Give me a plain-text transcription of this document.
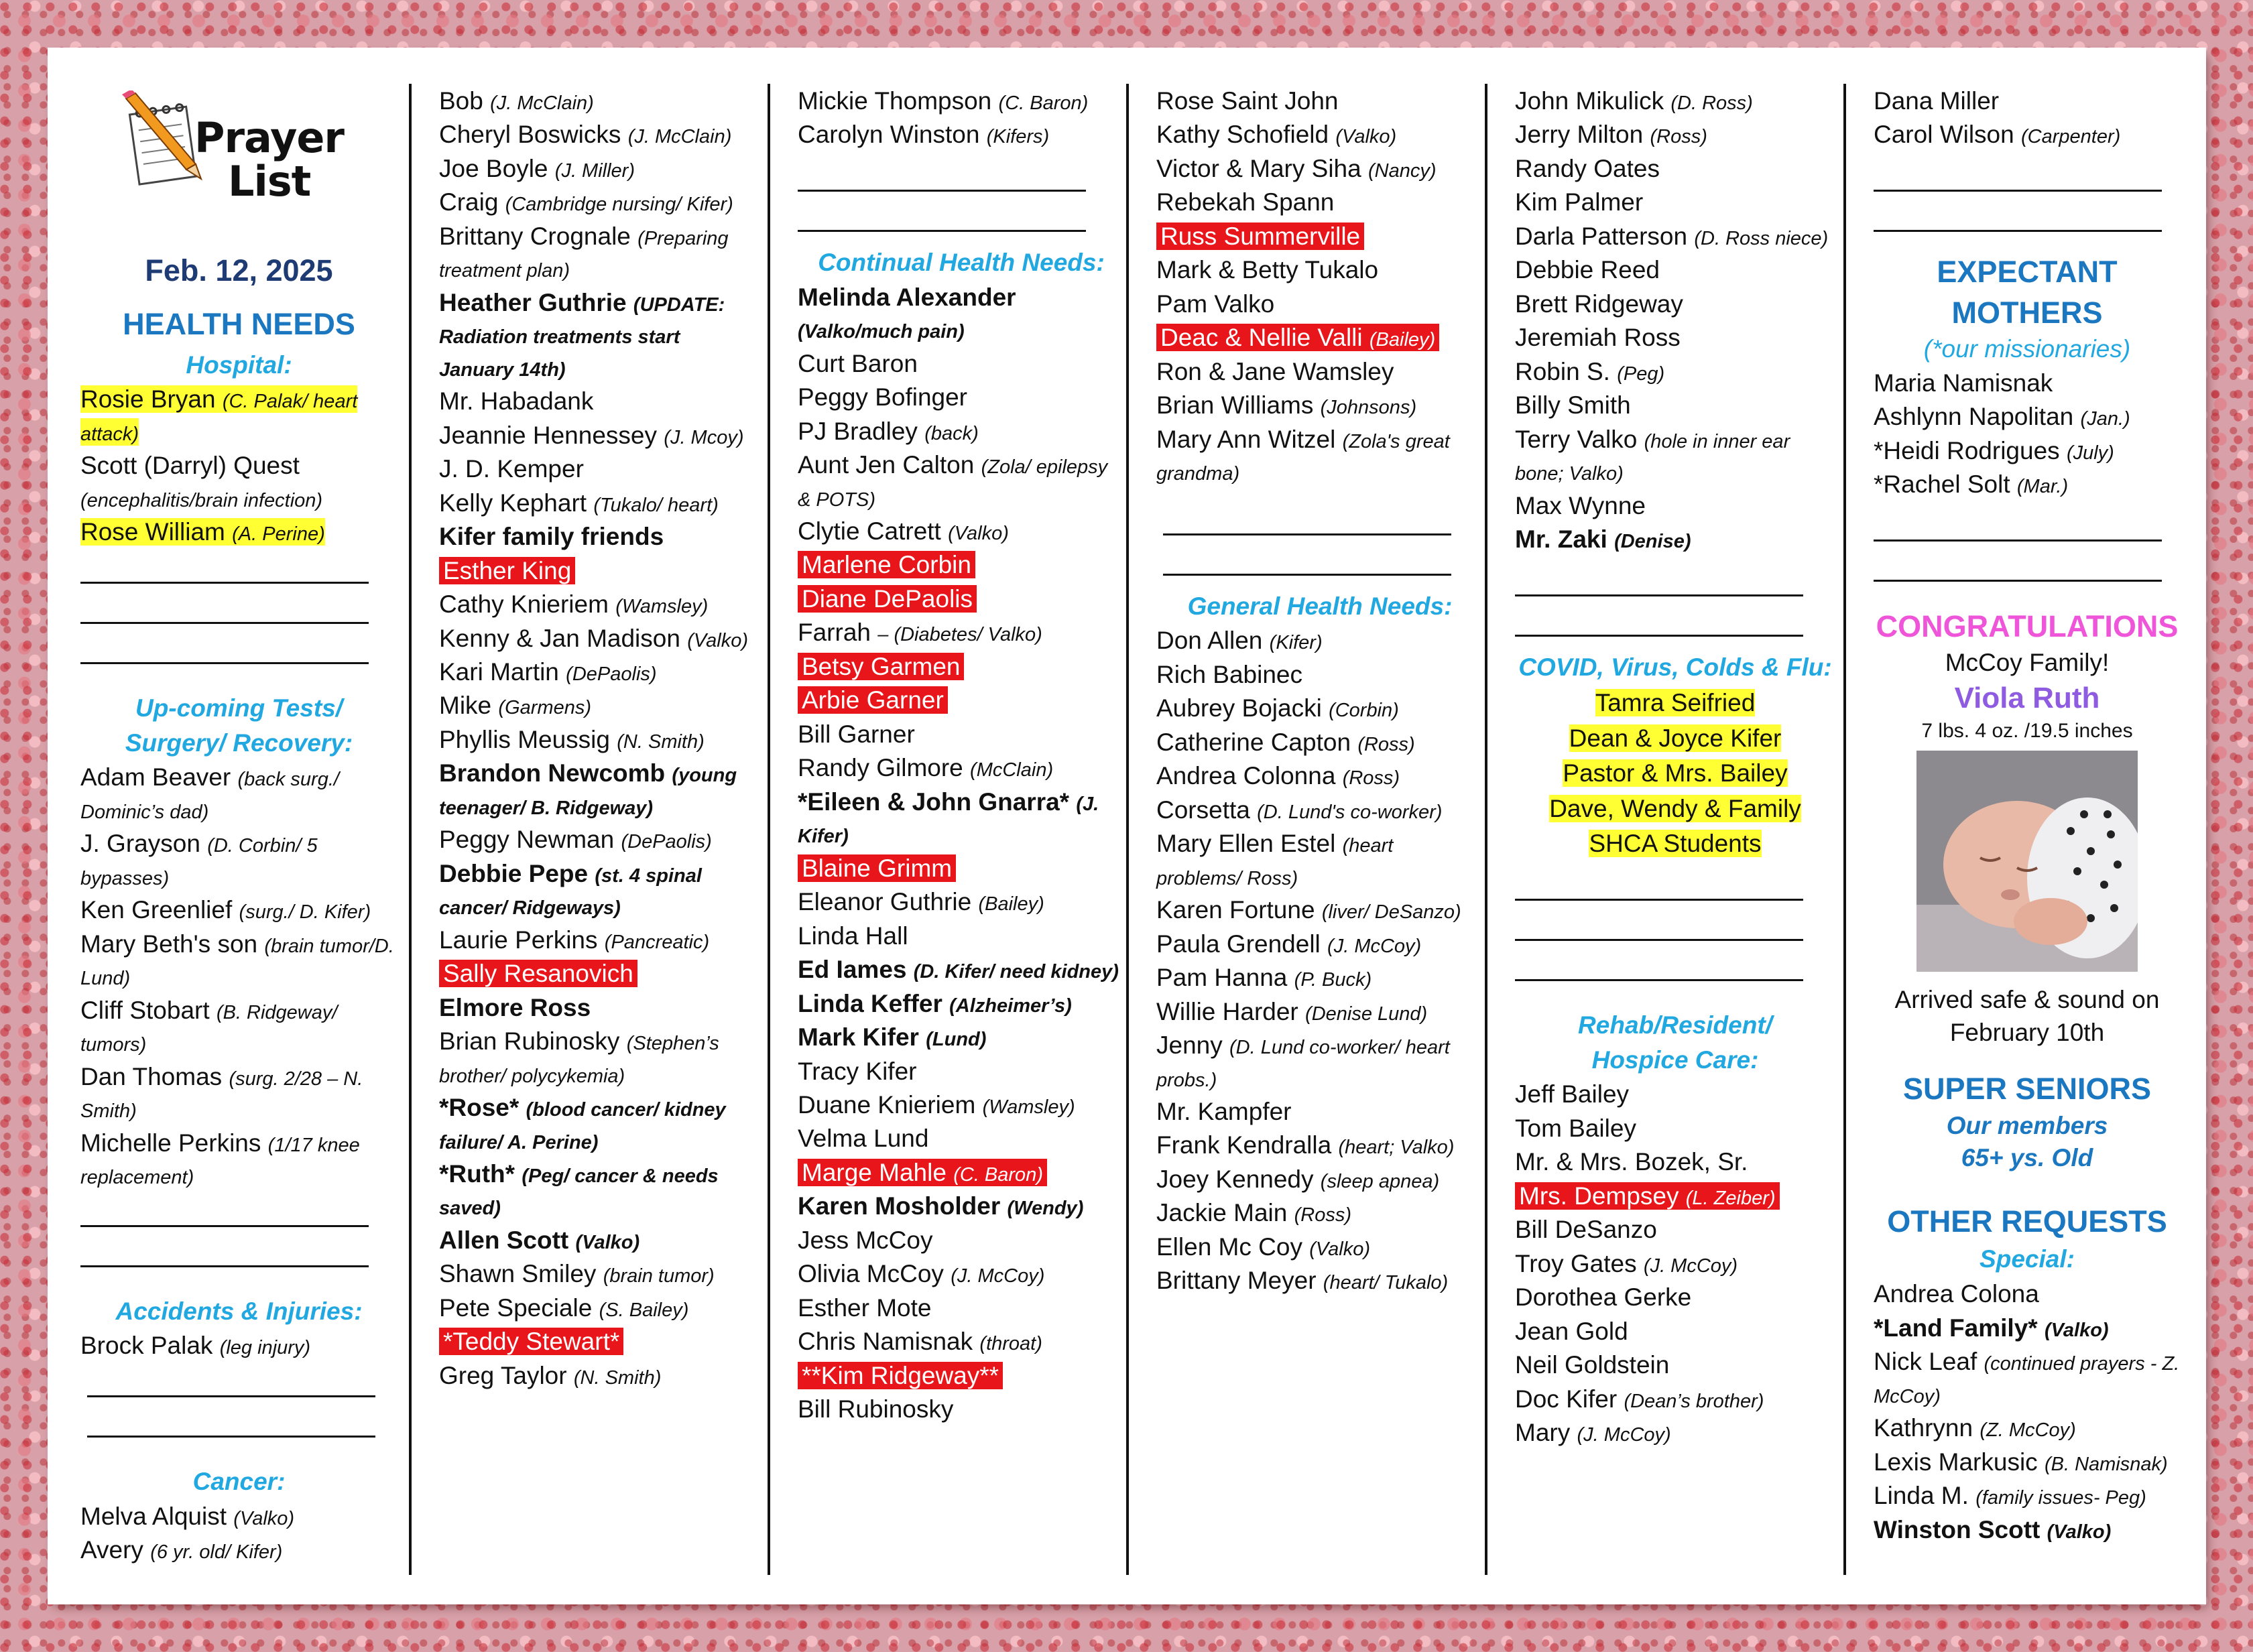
Prayer
List
Feb. 12, 2025
HEALTH NEEDS
Hospital:
Rosie Bryan (C. Palak/ heart attack)
Scott (Darryl) Quest (encephalitis/brain infection)
Rose William (A. Perine)
Up-coming Tests/
Surgery/ Recovery:
Adam Beaver (back surg./ Dominic’s dad)
J. Grayson (D. Corbin/ 5 bypasses)
Ken Greenlief (surg./ D. Kifer)
Mary Beth's son (brain tumor/D. Lund)
Cliff Stobart (B. Ridgeway/ tumors)
Dan Thomas (surg. 2/28 – N. Smith)
Michelle Perkins (1/17 knee replacement)
Accidents & Injuries:
Brock Palak (leg injury)
Cancer:
Melva Alquist (Valko)
Avery (6 yr. old/ Kifer)
Bob (J. McClain)
Cheryl Boswicks (J. McClain)
Joe Boyle (J. Miller)
Craig (Cambridge nursing/ Kifer)
Brittany Crognale (Preparing treatment plan)
Heather Guthrie (UPDATE: Radiation treatments start January 14th)
Mr. Habadank
Jeannie Hennessey (J. Mcoy)
J. D. Kemper
Kelly Kephart (Tukalo/ heart)
Kifer family friends
Esther King
Cathy Knieriem (Wamsley)
Kenny & Jan Madison (Valko)
Kari Martin (DePaolis)
Mike (Garmens)
Phyllis Meussig (N. Smith)
Brandon Newcomb (young teenager/ B. Ridgeway)
Peggy Newman (DePaolis)
Debbie Pepe (st. 4 spinal cancer/ Ridgeways)
Laurie Perkins (Pancreatic)
Sally Resanovich
Elmore Ross
Brian Rubinosky (Stephen’s brother/ polycykemia)
*Rose* (blood cancer/ kidney failure/ A. Perine)
*Ruth* (Peg/ cancer & needs saved)
Allen Scott (Valko)
Shawn Smiley (brain tumor)
Pete Speciale (S. Bailey)
*Teddy Stewart*
Greg Taylor (N. Smith)
Mickie Thompson (C. Baron)
Carolyn Winston (Kifers)
Continual Health Needs:
Melinda Alexander (Valko/much pain)
Curt Baron
Peggy Bofinger
PJ Bradley (back)
Aunt Jen Calton (Zola/ epilepsy & POTS)
Clytie Catrett (Valko)
Marlene Corbin
Diane DePaolis
Farrah – (Diabetes/ Valko)
Betsy Garmen
Arbie Garner
Bill Garner
Randy Gilmore (McClain)
*Eileen & John Gnarra* (J. Kifer)
Blaine Grimm
Eleanor Guthrie (Bailey)
Linda Hall
Ed Iames (D. Kifer/ need kidney)
Linda Keffer (Alzheimer’s)
Mark Kifer (Lund)
Tracy Kifer
Duane Knieriem (Wamsley)
Velma Lund
Marge Mahle (C. Baron)
Karen Mosholder (Wendy)
Jess McCoy
Olivia McCoy (J. McCoy)
Esther Mote
Chris Namisnak (throat)
**Kim Ridgeway**
Bill Rubinosky
Rose Saint John
Kathy Schofield (Valko)
Victor & Mary Siha (Nancy)
Rebekah Spann
Russ Summerville
Mark & Betty Tukalo
Pam Valko
Deac & Nellie Valli (Bailey)
Ron & Jane Wamsley
Brian Williams (Johnsons)
Mary Ann Witzel (Zola's great grandma)
General Health Needs:
Don Allen (Kifer)
Rich Babinec
Aubrey Bojacki (Corbin)
Catherine Capton (Ross)
Andrea Colonna (Ross)
Corsetta (D. Lund's co-worker)
Mary Ellen Estel (heart problems/ Ross)
Karen Fortune (liver/ DeSanzo)
Paula Grendell (J. McCoy)
Pam Hanna (P. Buck)
Willie Harder (Denise Lund)
Jenny (D. Lund co-worker/ heart probs.)
Mr. Kampfer
Frank Kendralla (heart; Valko)
Joey Kennedy (sleep apnea)
Jackie Main (Ross)
Ellen Mc Coy (Valko)
Brittany Meyer (heart/ Tukalo)
John Mikulick (D. Ross)
Jerry Milton (Ross)
Randy Oates
Kim Palmer
Darla Patterson (D. Ross niece)
Debbie Reed
Brett Ridgeway
Jeremiah Ross
Robin S. (Peg)
Billy Smith
Terry Valko (hole in inner ear bone; Valko)
Max Wynne
Mr. Zaki (Denise)
COVID, Virus, Colds & Flu:
Tamra Seifried
Dean & Joyce Kifer
Pastor & Mrs. Bailey
Dave, Wendy & Family
SHCA Students
Rehab/Resident/
Hospice Care:
Jeff Bailey
Tom Bailey
Mr. & Mrs. Bozek, Sr.
Mrs. Dempsey (L. Zeiber)
Bill DeSanzo
Troy Gates (J. McCoy)
Dorothea Gerke
Jean Gold
Neil Goldstein
Doc Kifer (Dean’s brother)
Mary (J. McCoy)
Dana Miller
Carol Wilson (Carpenter)
EXPECTANT
MOTHERS
(*our missionaries)
Maria Namisnak
Ashlynn Napolitan (Jan.)
*Heidi Rodrigues (July)
*Rachel Solt (Mar.)
CONGRATULATIONS
McCoy Family!
Viola Ruth
7 lbs. 4 oz. /19.5 inches
Arrived safe & sound on
February 10th
SUPER SENIORS
Our members
65+ ys. Old
OTHER REQUESTS
Special:
Andrea Colona
*Land Family* (Valko)
Nick Leaf (continued prayers - Z. McCoy)
Kathrynn (Z. McCoy)
Lexis Markusic (B. Namisnak)
Linda M. (family issues- Peg)
Winston Scott (Valko)
